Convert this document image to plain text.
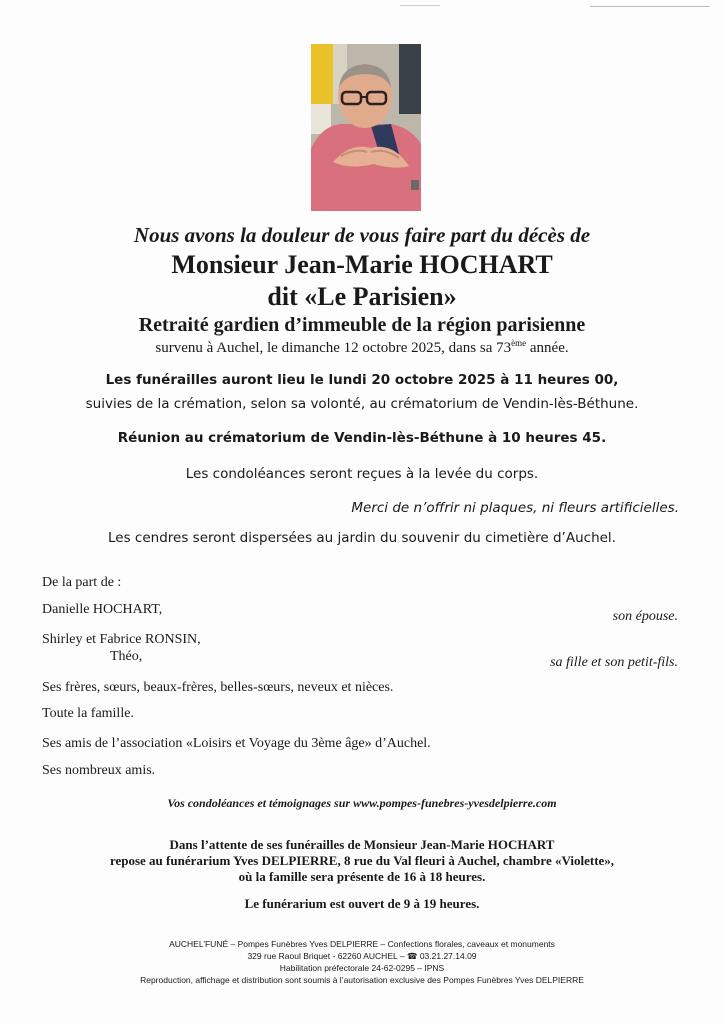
Nous avons la douleur de vous faire part du décès de
Monsieur Jean-Marie HOCHART
dit «Le Parisien»
Retraité gardien d’immeuble de la région parisienne
survenu à Auchel, le dimanche 12 octobre 2025, dans sa 73ème année.
Les funérailles auront lieu le lundi 20 octobre 2025 à 11 heures 00,
suivies de la crémation, selon sa volonté, au crématorium de Vendin-lès-Béthune.
Réunion au crématorium de Vendin-lès-Béthune à 10 heures 45.
Les condoléances seront reçues à la levée du corps.
Merci de n’offrir ni plaques, ni fleurs artificielles.
Les cendres seront dispersées au jardin du souvenir du cimetière d’Auchel.
De la part de :
Danielle HOCHART,	son épouse.
Shirley et Fabrice RONSIN,
Théo,	sa fille et son petit-fils.
Ses frères, sœurs, beaux-frères, belles-sœurs, neveux et nièces.
Toute la famille.
Ses amis de l’association «Loisirs et Voyage du 3ème âge» d’Auchel.
Ses nombreux amis.
Vos condoléances et témoignages sur www.pompes-funebres-yvesdelpierre.com
Dans l’attente de ses funérailles de Monsieur Jean-Marie HOCHART
repose au funérarium Yves DELPIERRE, 8 rue du Val fleuri à Auchel, chambre «Violette»,
où la famille sera présente de 16 à 18 heures.
Le funérarium est ouvert de 9 à 19 heures.
AUCHEL’FUNÉ – Pompes Funèbres Yves DELPIERRE – Confections florales, caveaux et monuments
329 rue Raoul Briquet - 62260 AUCHEL – ☎ 03.21.27.14.09
Habilitation préfectorale 24-62-0295 – IPNS
Reproduction, affichage et distribution sont soumis à l’autorisation exclusive des Pompes Funèbres Yves DELPIERRE
